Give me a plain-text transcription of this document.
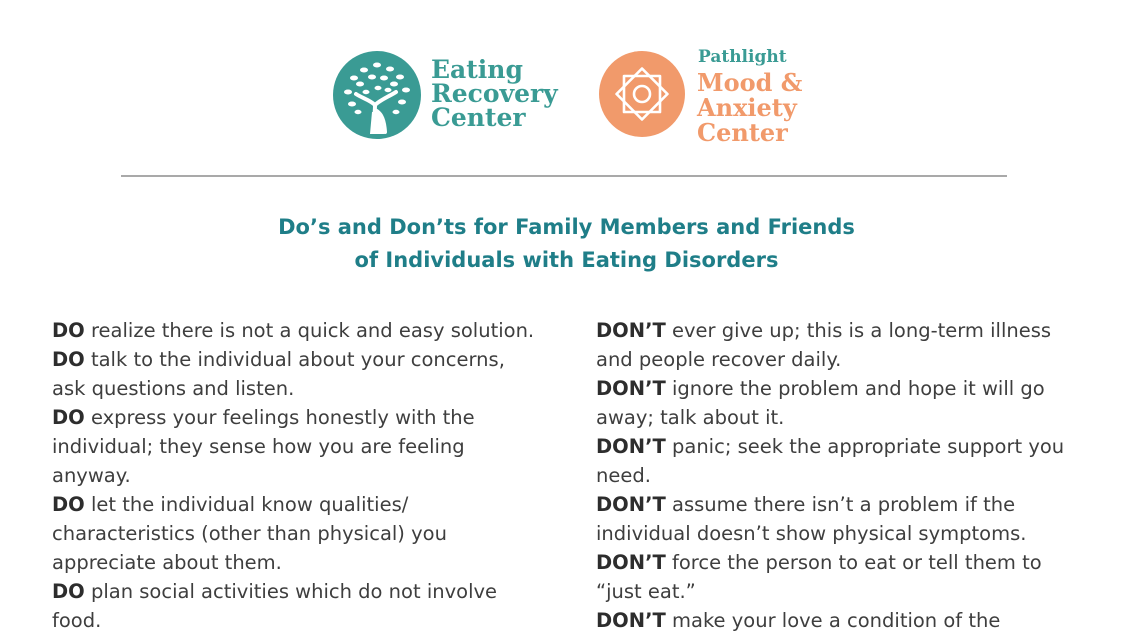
Eating
Recovery
Center
Pathlight
Mood &
Anxiety
Center
Do’s and Don’ts for Family Members and Friends
of Individuals with Eating Disorders

DO realize there is not a quick and easy solution.

DO talk to the individual about your concerns,
ask questions and listen.

DO express your feelings honestly with the
individual; they sense how you are feeling
anyway.

DO let the individual know qualities/
characteristics (other than physical) you
appreciate about them.

DO plan social activities which do not involve
food.

DON’T ever give up; this is a long-term illness
and people recover daily.

DON’T ignore the problem and hope it will go
away; talk about it.

DON’T panic; seek the appropriate support you
need.

DON’T assume there isn’t a problem if the
individual doesn’t show physical symptoms.

DON’T force the person to eat or tell them to
“just eat.”

DON’T make your love a condition of the
